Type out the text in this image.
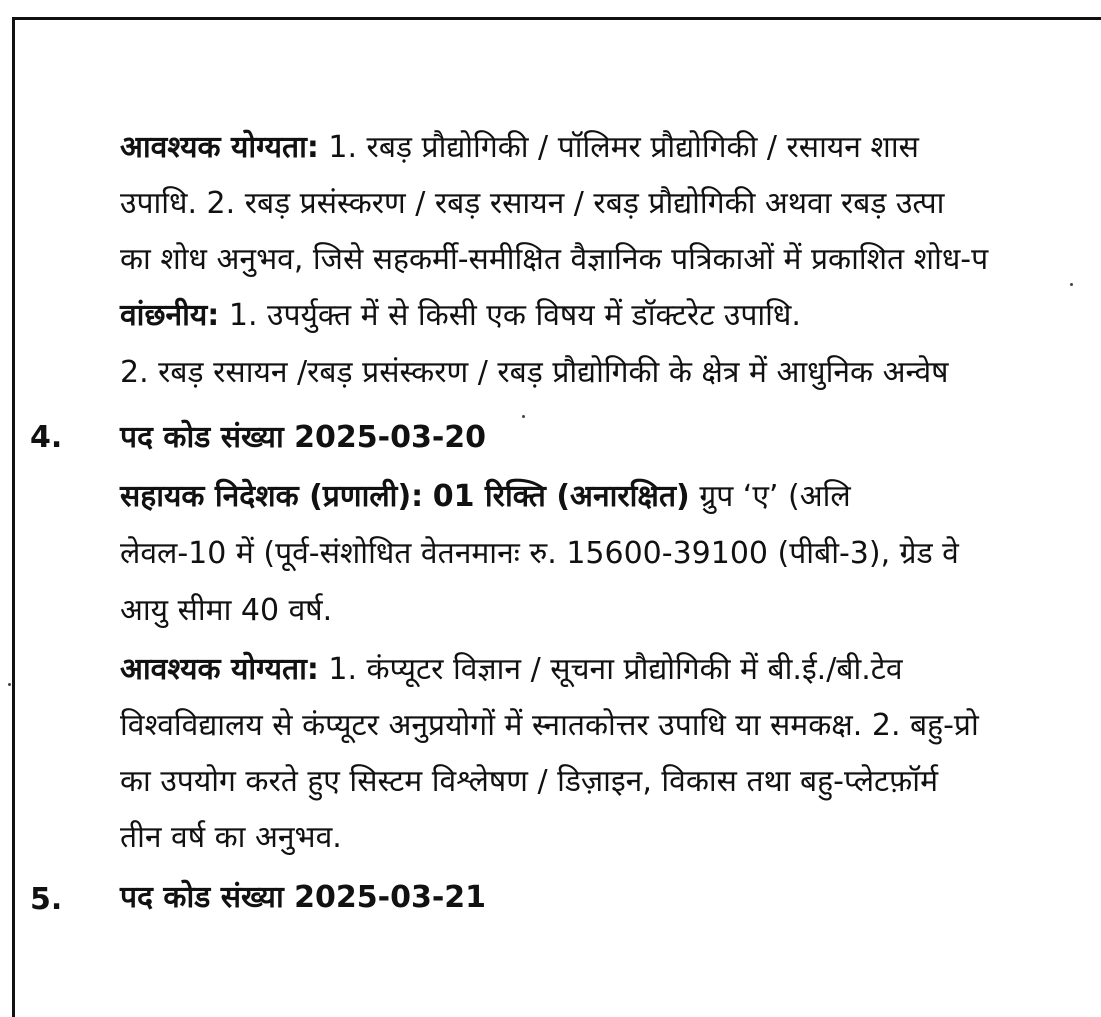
आवश्यक योग्यता: 1. रबड़ प्रौद्योगिकी / पॉलिमर प्रौद्योगिकी / रसायन शास
उपाधि. 2. रबड़ प्रसंस्करण / रबड़ रसायन / रबड़ प्रौद्योगिकी अथवा रबड़ उत्पा
का शोध अनुभव, जिसे सहकर्मी-समीक्षित वैज्ञानिक पत्रिकाओं में प्रकाशित शोध-प
वांछनीय: 1. उपर्युक्त में से किसी एक विषय में डॉक्टरेट उपाधि.
2. रबड़ रसायन /रबड़ प्रसंस्करण / रबड़ प्रौद्योगिकी के क्षेत्र में आधुनिक अन्वेष
4. पद कोड संख्या 2025-03-20
सहायक निदेशक (प्रणाली): 01 रिक्ति (अनारक्षित) ग्रुप ‘ए’ (अलि
लेवल-10 में (पूर्व-संशोधित वेतनमानः रु. 15600-39100 (पीबी-3), ग्रेड वे
आयु सीमा 40 वर्ष.
आवश्यक योग्यता: 1. कंप्यूटर विज्ञान / सूचना प्रौद्योगिकी में बी.ई./बी.टेव
विश्वविद्यालय से कंप्यूटर अनुप्रयोगों में स्नातकोत्तर उपाधि या समकक्ष. 2. बहु-प्रो
का उपयोग करते हुए सिस्टम विश्लेषण / डिज़ाइन, विकास तथा बहु-प्लेटफ़ॉर्म
तीन वर्ष का अनुभव.
5. पद कोड संख्या 2025-03-21
